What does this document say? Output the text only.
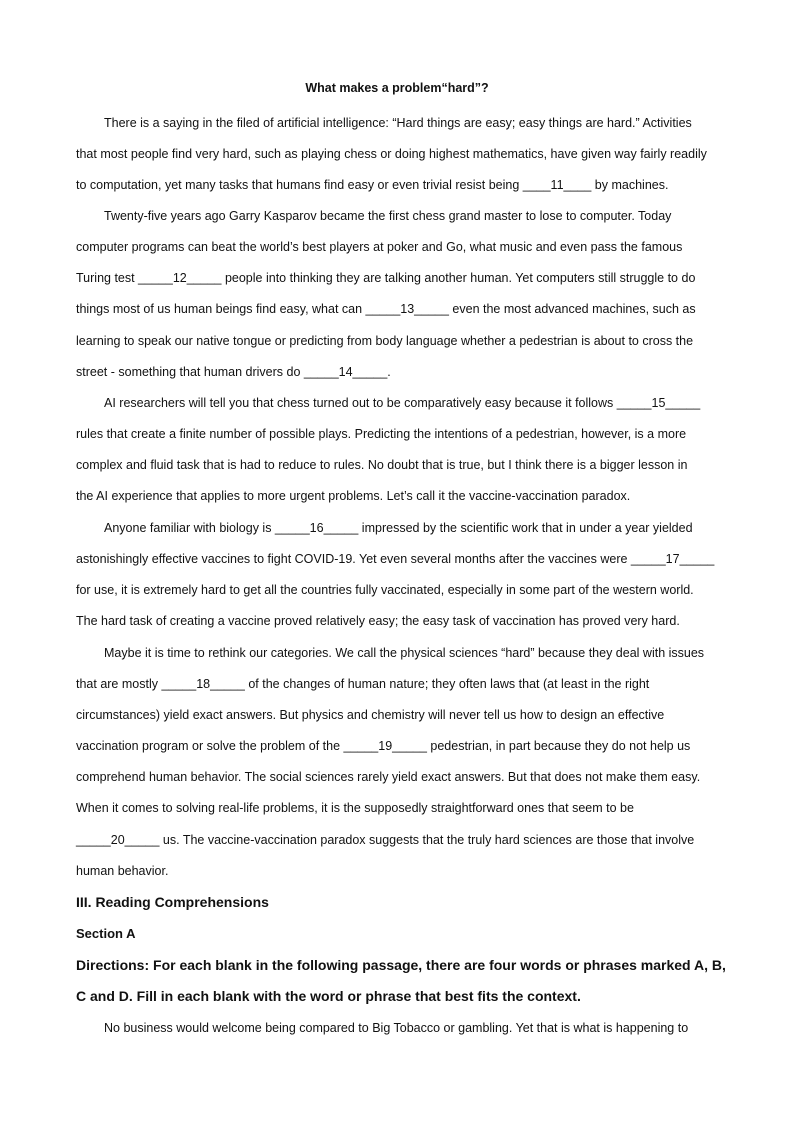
What makes a problem“hard”?
There is a saying in the filed of artificial intelligence: “Hard things are easy; easy things are hard.” Activities
that most people find very hard, such as playing chess or doing highest mathematics, have given way fairly readily
to computation, yet many tasks that humans find easy or even trivial resist being ____11____ by machines.
Twenty-five years ago Garry Kasparov became the first chess grand master to lose to computer. Today
computer programs can beat the world’s best players at poker and Go, what music and even pass the famous
Turing test _____12_____ people into thinking they are talking another human. Yet computers still struggle to do
things most of us human beings find easy, what can _____13_____ even the most advanced machines, such as
learning to speak our native tongue or predicting from body language whether a pedestrian is about to cross the
street - something that human drivers do _____14_____.
AI researchers will tell you that chess turned out to be comparatively easy because it follows _____15_____
rules that create a finite number of possible plays. Predicting the intentions of a pedestrian, however, is a more
complex and fluid task that is had to reduce to rules. No doubt that is true, but I think there is a bigger lesson in
the AI experience that applies to more urgent problems. Let’s call it the vaccine-vaccination paradox.
Anyone familiar with biology is _____16_____ impressed by the scientific work that in under a year yielded
astonishingly effective vaccines to fight COVID-19. Yet even several months after the vaccines were _____17_____
for use, it is extremely hard to get all the countries fully vaccinated, especially in some part of the western world.
The hard task of creating a vaccine proved relatively easy; the easy task of vaccination has proved very hard.
Maybe it is time to rethink our categories. We call the physical sciences “hard” because they deal with issues
that are mostly _____18_____ of the changes of human nature; they often laws that (at least in the right
circumstances) yield exact answers. But physics and chemistry will never tell us how to design an effective
vaccination program or solve the problem of the _____19_____ pedestrian, in part because they do not help us
comprehend human behavior. The social sciences rarely yield exact answers. But that does not make them easy.
When it comes to solving real-life problems, it is the supposedly straightforward ones that seem to be
_____20_____ us. The vaccine-vaccination paradox suggests that the truly hard sciences are those that involve
human behavior.
III. Reading Comprehensions
Section A
Directions: For each blank in the following passage, there are four words or phrases marked A, B,
C and D. Fill in each blank with the word or phrase that best fits the context.
No business would welcome being compared to Big Tobacco or gambling. Yet that is what is happening to
